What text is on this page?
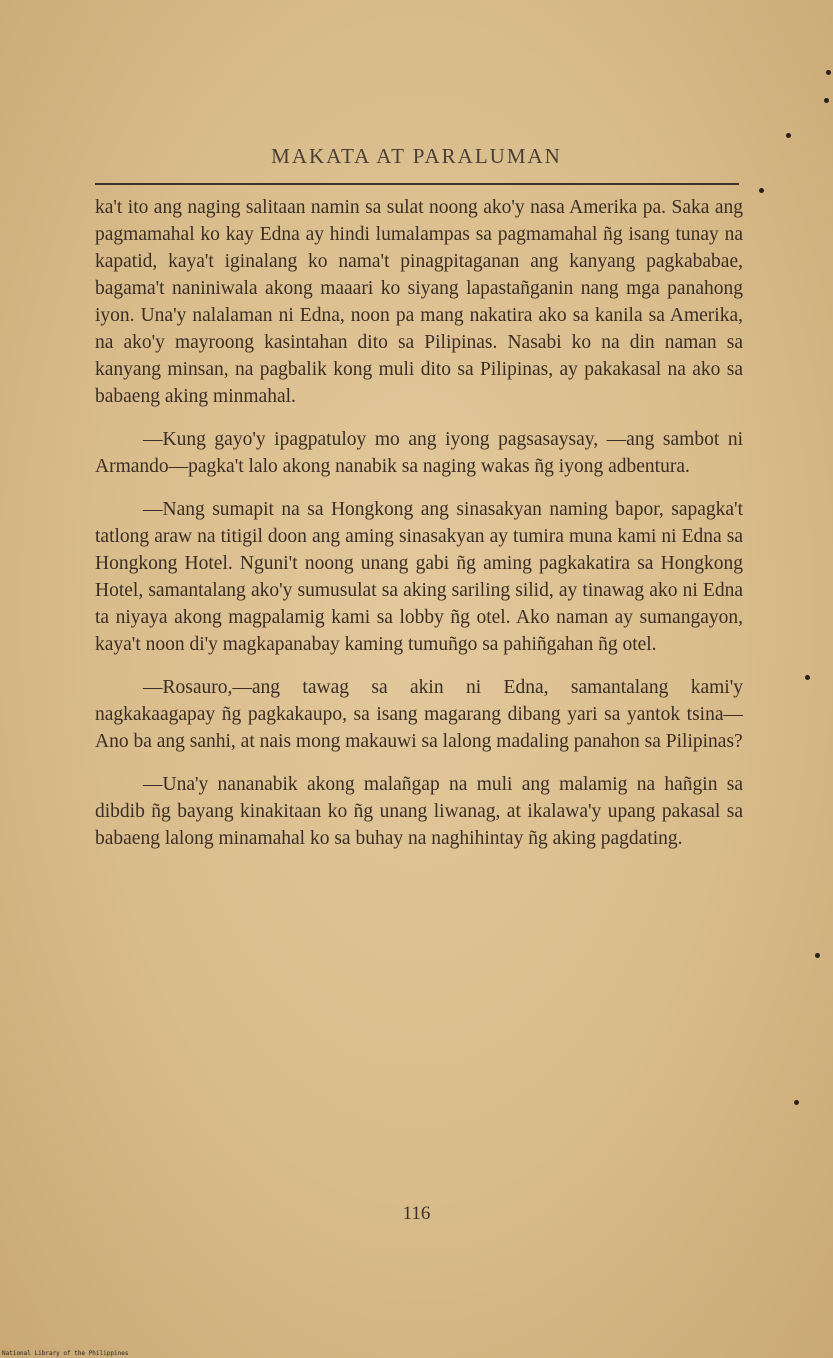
MAKATA AT PARALUMAN

ka't ito ang naging salitaan namin sa sulat noong ako'y nasa Amerika pa. Saka ang pagmamahal ko kay Edna ay hindi lumalampas sa pagmamahal ñg isang tunay na kapatid, kaya't iginalang ko nama't pinagpitaganan ang kanyang pagkababae, bagama't naniniwala akong maaari ko siyang lapastañganin nang mga panahong iyon. Una'y nalalaman ni Edna, noon pa mang nakatira ako sa kanila sa Amerika, na ako'y mayroong kasintahan dito sa Pilipinas. Nasabi ko na din naman sa kanyang minsan, na pagbalik kong muli dito sa Pilipinas, ay pakakasal na ako sa babaeng aking minmahal.

—Kung gayo'y ipagpatuloy mo ang iyong pagsasaysay, —ang sambot ni Armando—pagka't lalo akong nanabik sa naging wakas ñg iyong adbentura.

—Nang sumapit na sa Hongkong ang sinasakyan naming bapor, sapagka't tatlong araw na titigil doon ang aming sinasakyan ay tumira muna kami ni Edna sa Hongkong Hotel. Nguni't noong unang gabi ñg aming pagkakatira sa Hongkong Hotel, samantalang ako'y sumusulat sa aking sariling silid, ay tinawag ako ni Edna ta niyaya akong magpalamig kami sa lobby ñg otel. Ako naman ay sumangayon, kaya't noon di'y magkapanabay kaming tumuñgo sa pahiñgahan ñg otel.

—Rosauro,—ang tawag sa akin ni Edna, samantalang kami'y nagkakaagapay ñg pagkakaupo, sa isang magarang dibang yari sa yantok tsina—Ano ba ang sanhi, at nais mong makauwi sa lalong madaling panahon sa Pilipinas?

—Una'y nananabik akong malañgap na muli ang malamig na hañgin sa dibdib ñg bayang kinakitaan ko ñg unang liwanag, at ikalawa'y upang pakasal sa babaeng lalong minamahal ko sa buhay na naghihintay ñg aking pagdating.

116
National Library of the Philippines
